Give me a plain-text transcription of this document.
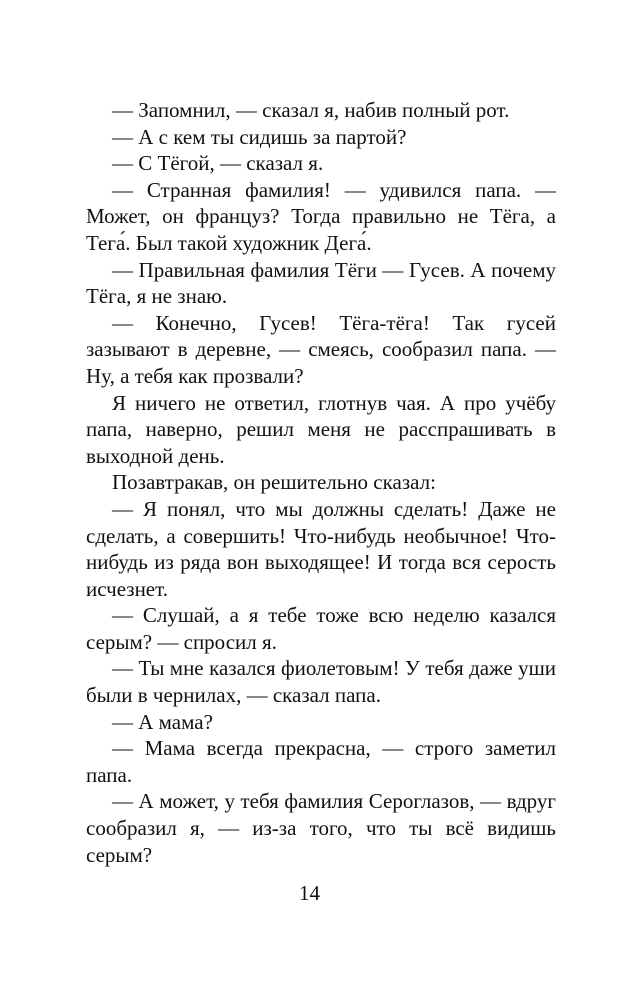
— Запомнил, — сказал я, набив полный рот.

— А с кем ты сидишь за партой?

— С Тёгой, — сказал я.

— Странная фамилия! — удивился папа. — Может, он француз? Тогда правильно не Тёга, а Тега́. Был такой художник Дега́.

— Правильная фамилия Тёги — Гусев. А почему Тёга, я не знаю.

— Конечно, Гусев! Тёга-тёга! Так гусей зазывают в деревне, — смеясь, сообразил папа. — Ну, а тебя как прозвали?

Я ничего не ответил, глотнув чая. А про учёбу папа, наверно, решил меня не расспрашивать в выходной день.

Позавтракав, он решительно сказал:

— Я понял, что мы должны сделать! Даже не сделать, а совершить! Что-нибудь необычное! Что-нибудь из ряда вон выходящее! И тогда вся серость исчезнет.

— Слушай, а я тебе тоже всю неделю казался серым? — спросил я.

— Ты мне казался фиолетовым! У тебя даже уши были в чернилах, — сказал папа.

— А мама?

— Мама всегда прекрасна, — строго заметил папа.

— А может, у тебя фамилия Сероглазов, — вдруг сообразил я, — из-за того, что ты всё видишь серым?

14
